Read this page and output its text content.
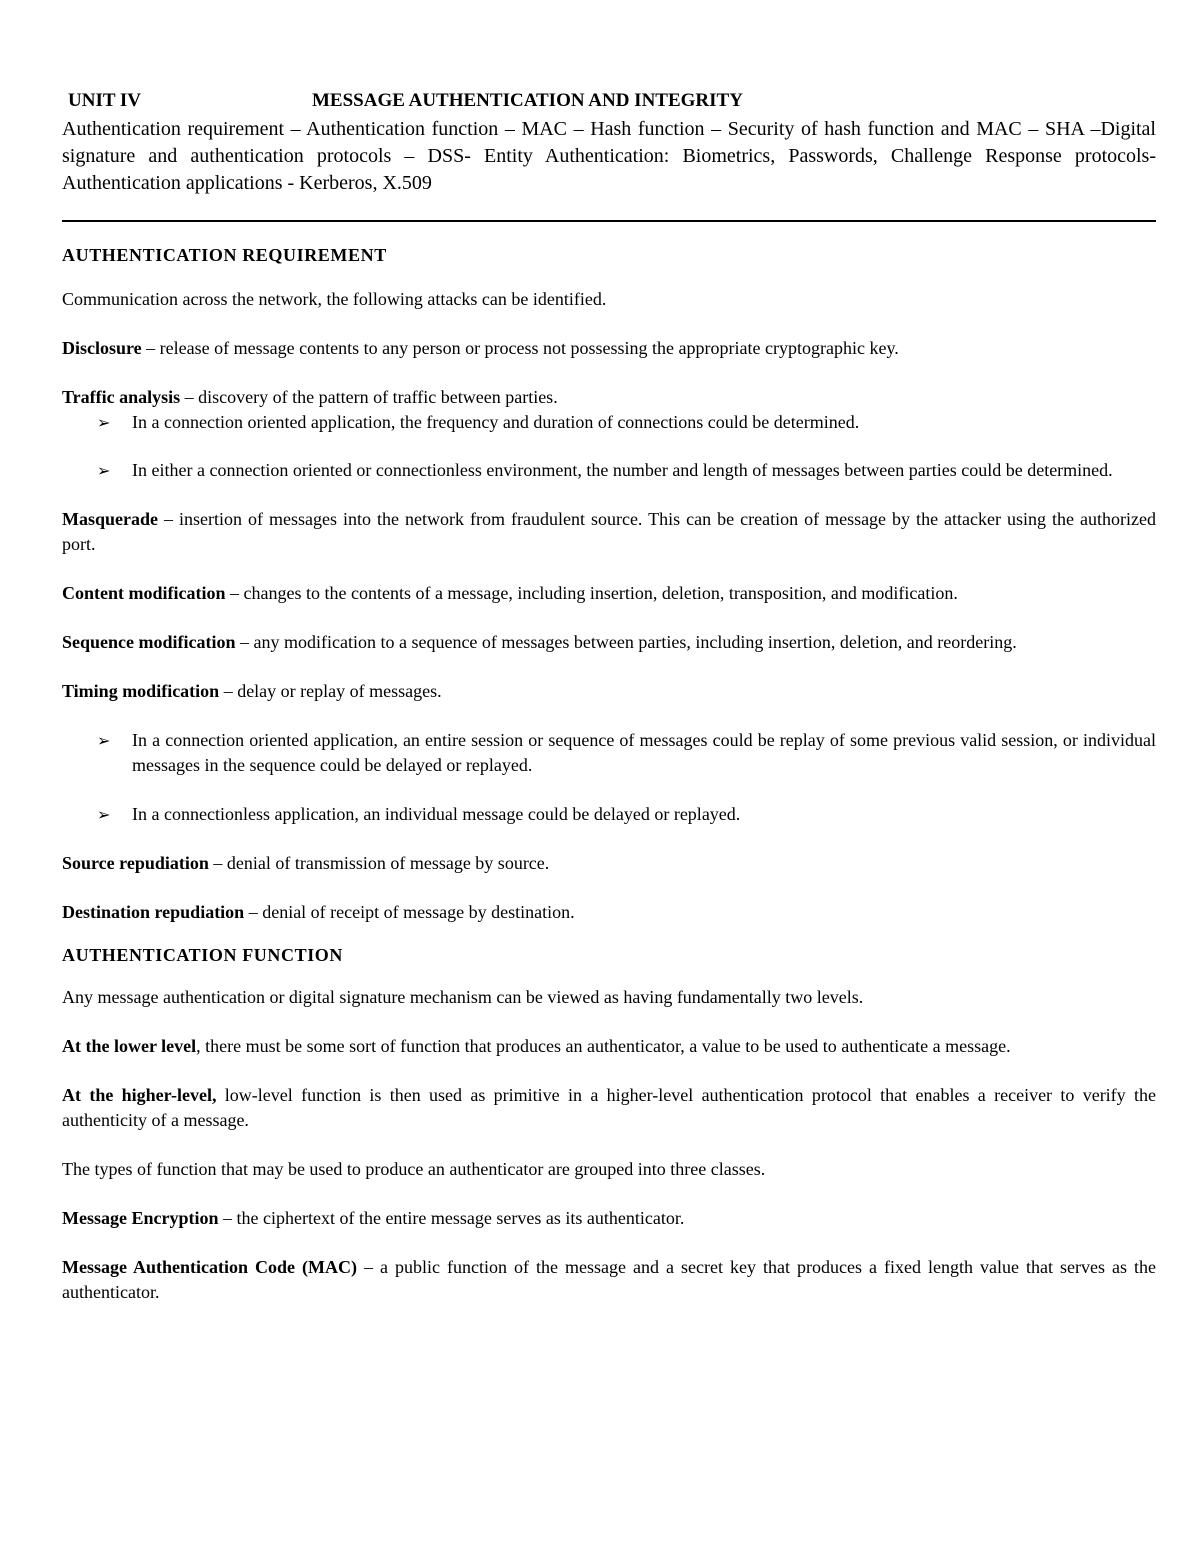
UNIT IV	MESSAGE AUTHENTICATION AND INTEGRITY

Authentication requirement – Authentication function – MAC – Hash function – Security of hash function and MAC – SHA –Digital signature and authentication protocols – DSS- Entity Authentication: Biometrics, Passwords, Challenge Response protocols- Authentication applications - Kerberos, X.509

AUTHENTICATION REQUIREMENT

Communication across the network, the following attacks can be identified.

Disclosure – release of message contents to any person or process not possessing the appropriate cryptographic key.

Traffic analysis – discovery of the pattern of traffic between parties.

➢ In a connection oriented application, the frequency and duration of connections could be determined.
➢ In either a connection oriented or connectionless environment, the number and length of messages between parties could be determined.

Masquerade – insertion of messages into the network from fraudulent source. This can be creation of message by the attacker using the authorized port.

Content modification – changes to the contents of a message, including insertion, deletion, transposition, and modification.

Sequence modification – any modification to a sequence of messages between parties, including insertion, deletion, and reordering.

Timing modification – delay or replay of messages.

➢ In a connection oriented application, an entire session or sequence of messages could be replay of some previous valid session, or individual messages in the sequence could be delayed or replayed.
➢ In a connectionless application, an individual message could be delayed or replayed.

Source repudiation – denial of transmission of message by source.

Destination repudiation – denial of receipt of message by destination.

AUTHENTICATION FUNCTION

Any message authentication or digital signature mechanism can be viewed as having fundamentally two levels.

At the lower level, there must be some sort of function that produces an authenticator, a value to be used to authenticate a message.

At the higher-level, low-level function is then used as primitive in a higher-level authentication protocol that enables a receiver to verify the authenticity of a message.

The types of function that may be used to produce an authenticator are grouped into three classes.

Message Encryption – the ciphertext of the entire message serves as its authenticator.

Message Authentication Code (MAC) – a public function of the message and a secret key that produces a fixed length value that serves as the authenticator.
